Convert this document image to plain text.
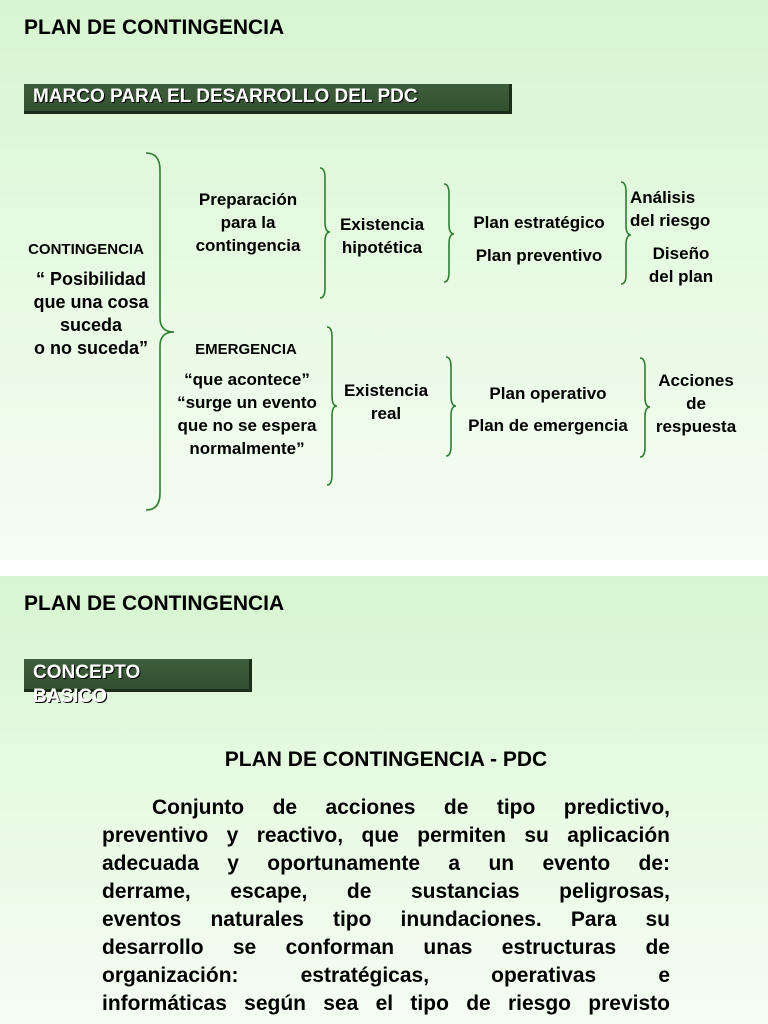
PLAN DE CONTINGENCIA
MARCO PARA EL DESARROLLO DEL PDC
CONTINGENCIA
“ Posibilidad
que una cosa
suceda
o no suceda”
Preparación
para la
contingencia
Existencia
hipotética
Plan estratégico
Plan preventivo
Análisis
del riesgo
Diseño
del plan
EMERGENCIA
“que acontece”
“surge un evento
que no se espera
normalmente”
Existencia
real
Plan operativo
Plan de emergencia
Acciones
de
respuesta
PLAN DE CONTINGENCIA
CONCEPTO
BASICO
PLAN DE CONTINGENCIA - PDC
Conjunto de acciones de tipo predictivo,
preventivo y reactivo, que permiten su aplicación
adecuada y oportunamente a un evento de:
derrame, escape, de sustancias peligrosas,
eventos naturales tipo inundaciones. Para su
desarrollo se conforman unas estructuras de
organización: estratégicas, operativas e
informáticas según sea el tipo de riesgo previsto
